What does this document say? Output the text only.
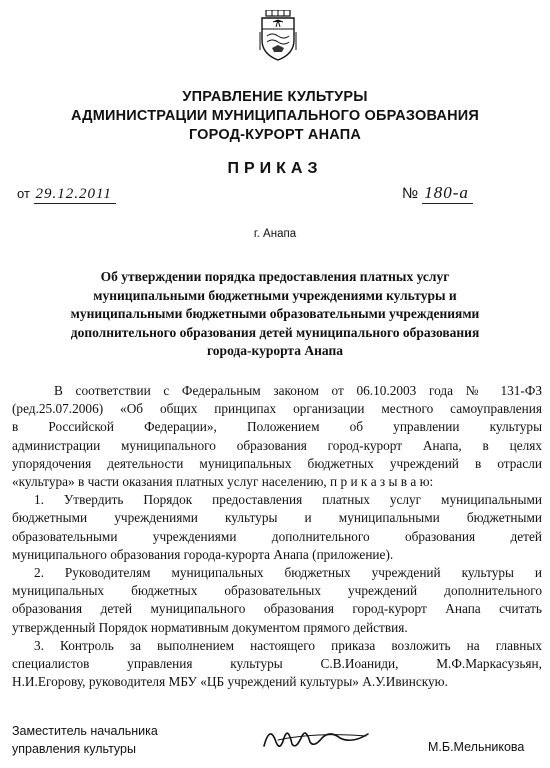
УПРАВЛЕНИЕ КУЛЬТУРЫ
АДМИНИСТРАЦИИ МУНИЦИПАЛЬНОГО ОБРАЗОВАНИЯ
ГОРОД-КУРОРТ АНАПА
ПРИКАЗ
от 29.12.2011	№ 180-а
г. Анапа
Об утверждении порядка предоставления платных услуг
муниципальными бюджетными учреждениями культуры и
муниципальными бюджетными образовательными учреждениями
дополнительного образования детей муниципального образования
города-курорта Анапа
В соответствии с Федеральным законом от 06.10.2003 года № 131-ФЗ
(ред.25.07.2006) «Об общих принципах организации местного самоуправления
в Российской Федерации», Положением об управлении культуры
администрации муниципального образования город-курорт Анапа, в целях
упорядочения деятельности муниципальных бюджетных учреждений в отрасли
«культура» в части оказания платных услуг населению, п р и к а з ы в а ю:
1. Утвердить Порядок предоставления платных услуг муниципальными
бюджетными учреждениями культуры и муниципальными бюджетными
образовательными учреждениями дополнительного образования детей
муниципального образования города-курорта Анапа (приложение).
2. Руководителям муниципальных бюджетных учреждений культуры и
муниципальных бюджетных образовательных учреждений дополнительного
образования детей муниципального образования город-курорт Анапа считать
утвержденный Порядок нормативным документом прямого действия.
3. Контроль за выполнением настоящего приказа возложить на главных
специалистов управления культуры С.В.Иоаниди, М.Ф.Маркасузьян,
Н.И.Егорову, руководителя МБУ «ЦБ учреждений культуры» А.У.Ивинскую.
Заместитель начальника
управления культуры	М.Б.Мельникова
